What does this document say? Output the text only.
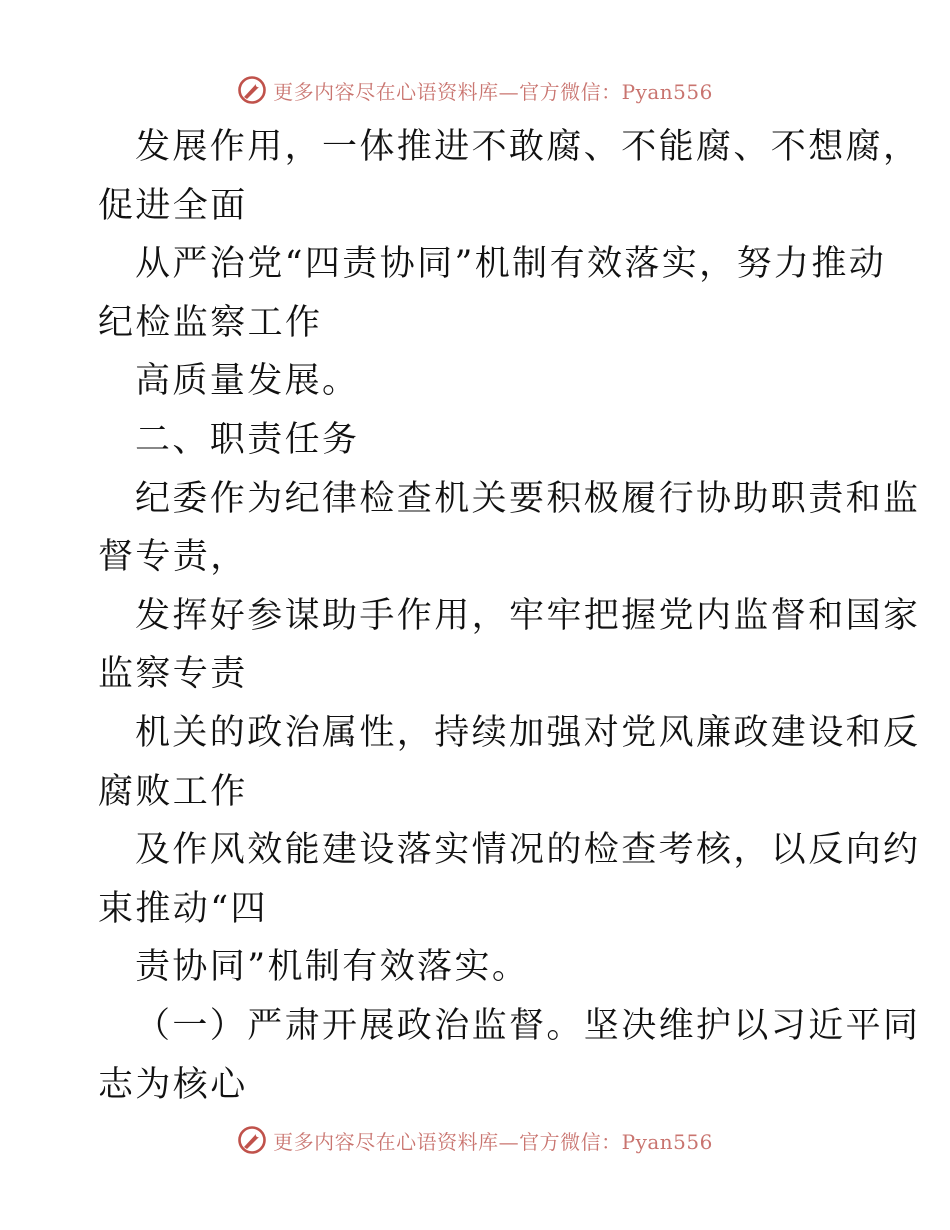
更多内容尽在心语资料库—官方微信：Pyan556
发展作用，一体推进不敢腐、不能腐、不想腐，
促进全面
从严治党“四责协同”机制有效落实，努力推动
纪检监察工作
高质量发展。
二、职责任务
纪委作为纪律检查机关要积极履行协助职责和监
督专责，
发挥好参谋助手作用，牢牢把握党内监督和国家
监察专责
机关的政治属性，持续加强对党风廉政建设和反
腐败工作
及作风效能建设落实情况的检查考核，以反向约
束推动“四
责协同”机制有效落实。
（一）严肃开展政治监督。坚决维护以习近平同
志为核心
更多内容尽在心语资料库—官方微信：Pyan556
